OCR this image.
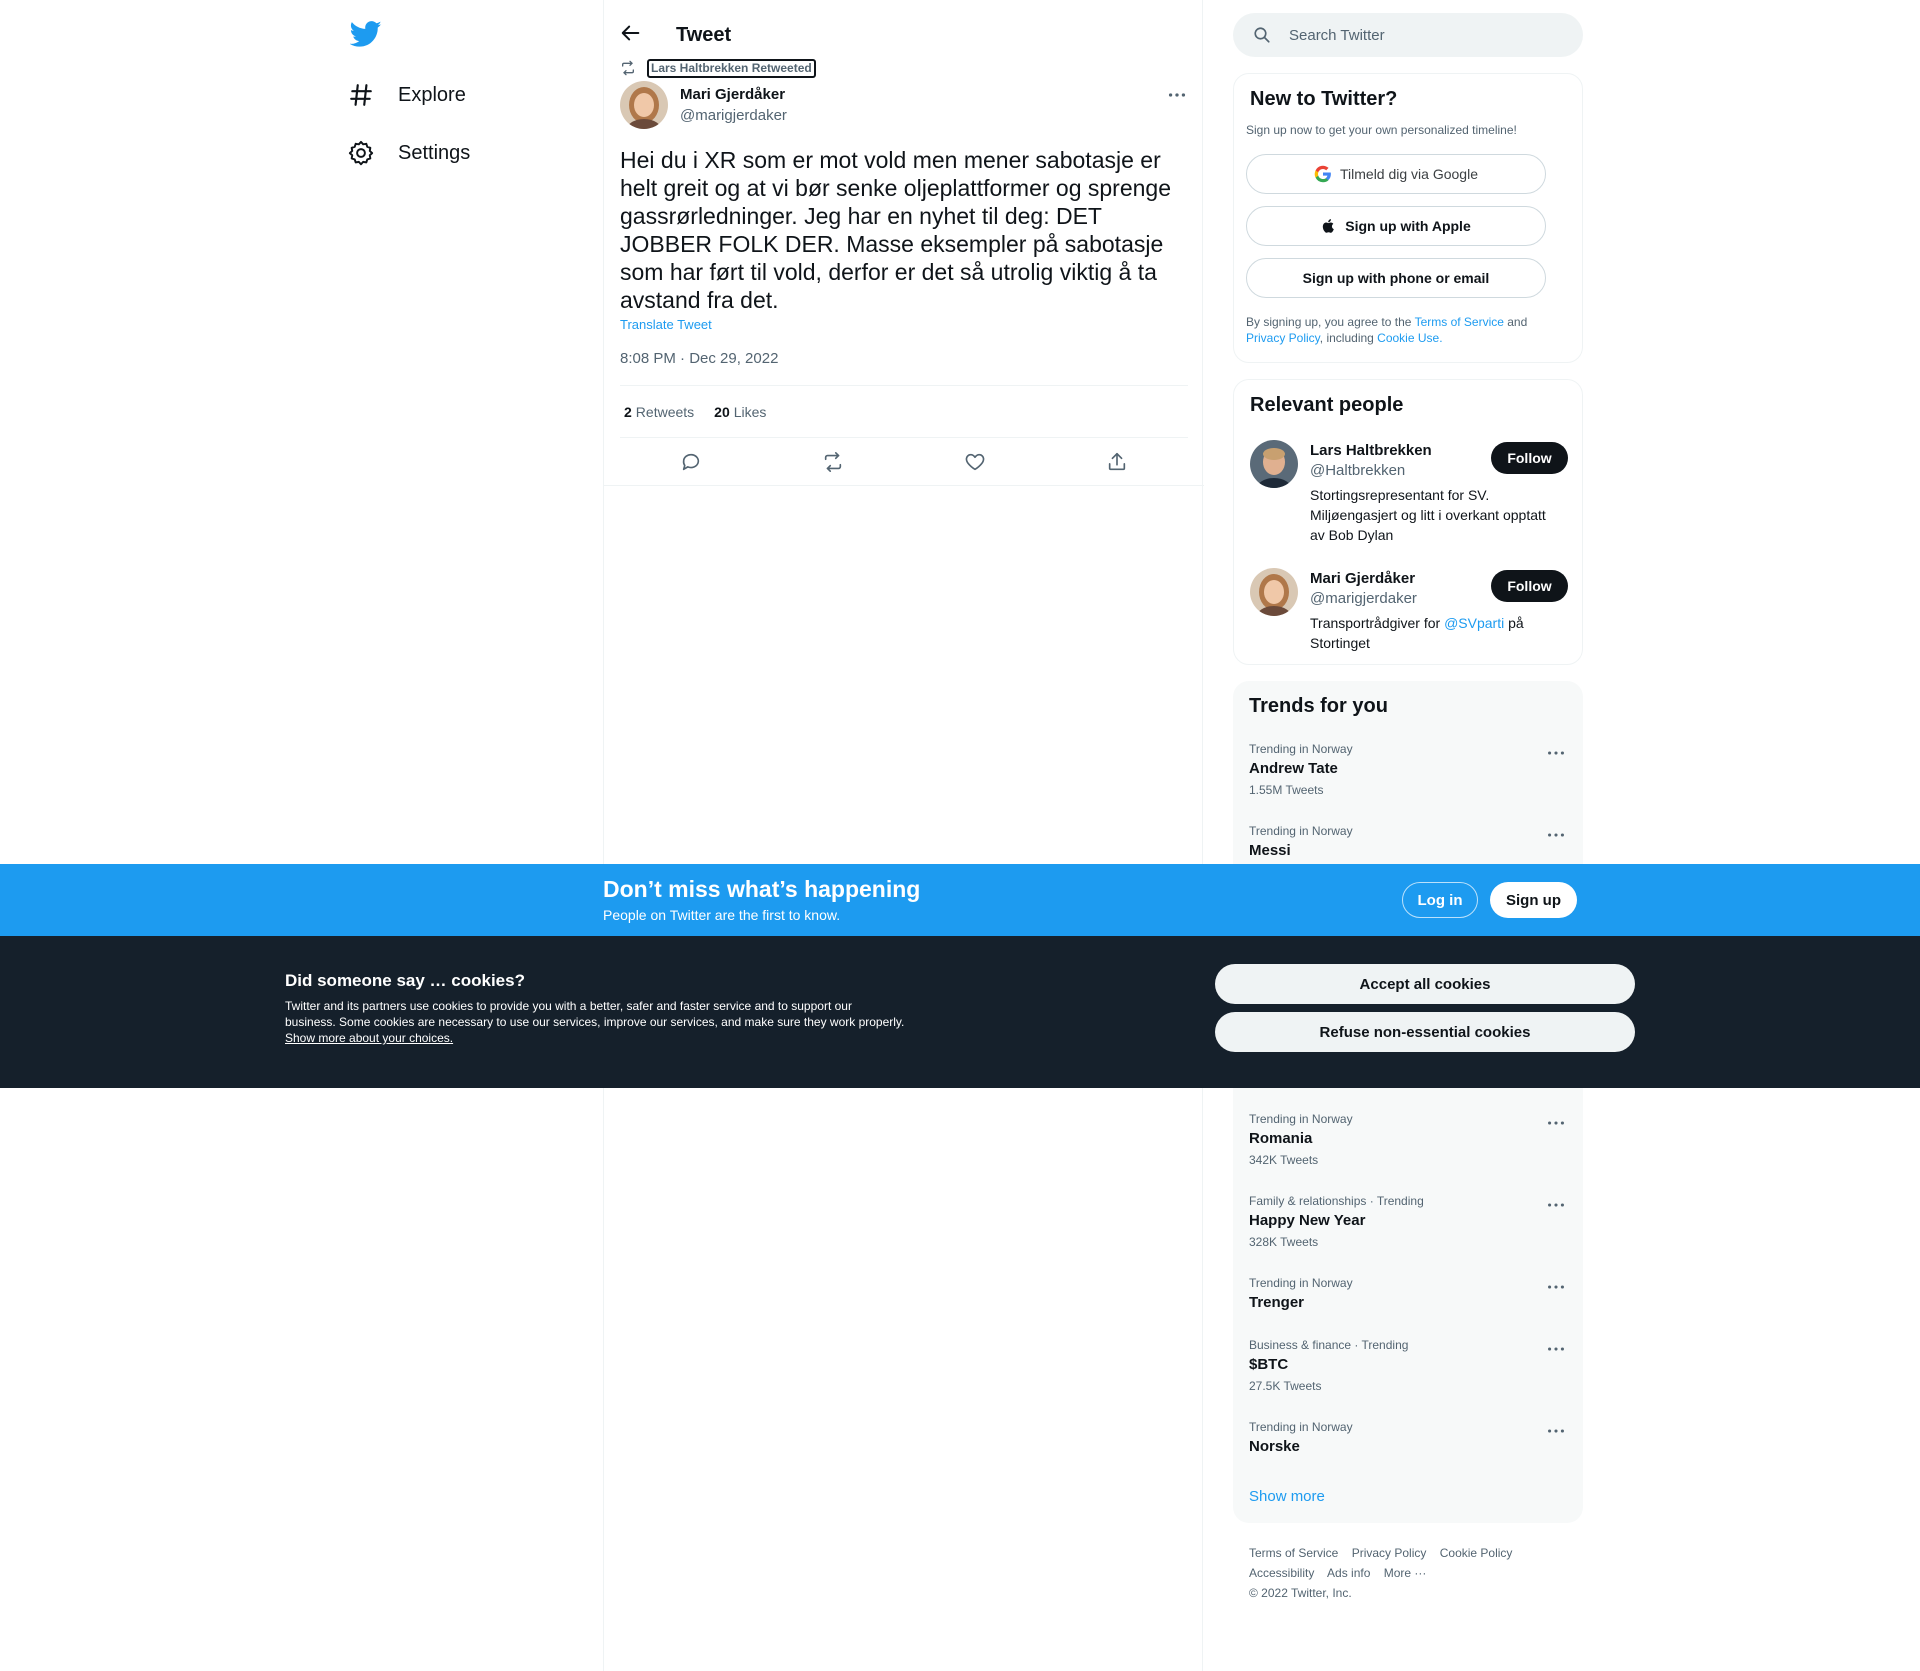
Explore
Settings
Tweet
Lars Haltbrekken Retweeted
Mari Gjerdåker
@marigjerdaker
Hei du i XR som er mot vold men mener sabotasje er helt greit og at vi bør senke oljeplattformer og sprenge gassrørledninger. Jeg har en nyhet til deg: DET JOBBER FOLK DER. Masse eksempler på sabotasje som har ført til vold, derfor er det så utrolig viktig å ta avstand fra det.
Translate Tweet
8:08 PM · Dec 29, 2022
2 Retweets 20 Likes
Search Twitter
New to Twitter?
Sign up now to get your own personalized timeline!
Tilmeld dig via Google
Sign up with Apple
Sign up with phone or email
By signing up, you agree to the Terms of Service and Privacy Policy, including Cookie Use.
Relevant people
Lars Haltbrekken
@Haltbrekken
Stortingsrepresentant for SV. Miljøengasjert og litt i overkant opptatt av Bob Dylan
Follow
Mari Gjerdåker
@marigjerdaker
Transportrådgiver for @SVparti på Stortinget
Follow
Trends for you
Trending in Norway
Andrew Tate
1.55M Tweets
Trending in Norway
Messi
Trending in Norway
Romania
342K Tweets
Family & relationships · Trending
Happy New Year
328K Tweets
Trending in Norway
Trenger
Business & finance · Trending
$BTC
27.5K Tweets
Trending in Norway
Norske
Show more
Terms of Service Privacy Policy Cookie Policy
Accessibility Ads info More ···
© 2022 Twitter, Inc.
Don’t miss what’s happening
People on Twitter are the first to know.
Log in	Sign up
Did someone say … cookies?
Twitter and its partners use cookies to provide you with a better, safer and faster service and to support our business. Some cookies are necessary to use our services, improve our services, and make sure they work properly. Show more about your choices.
Accept all cookies
Refuse non-essential cookies
